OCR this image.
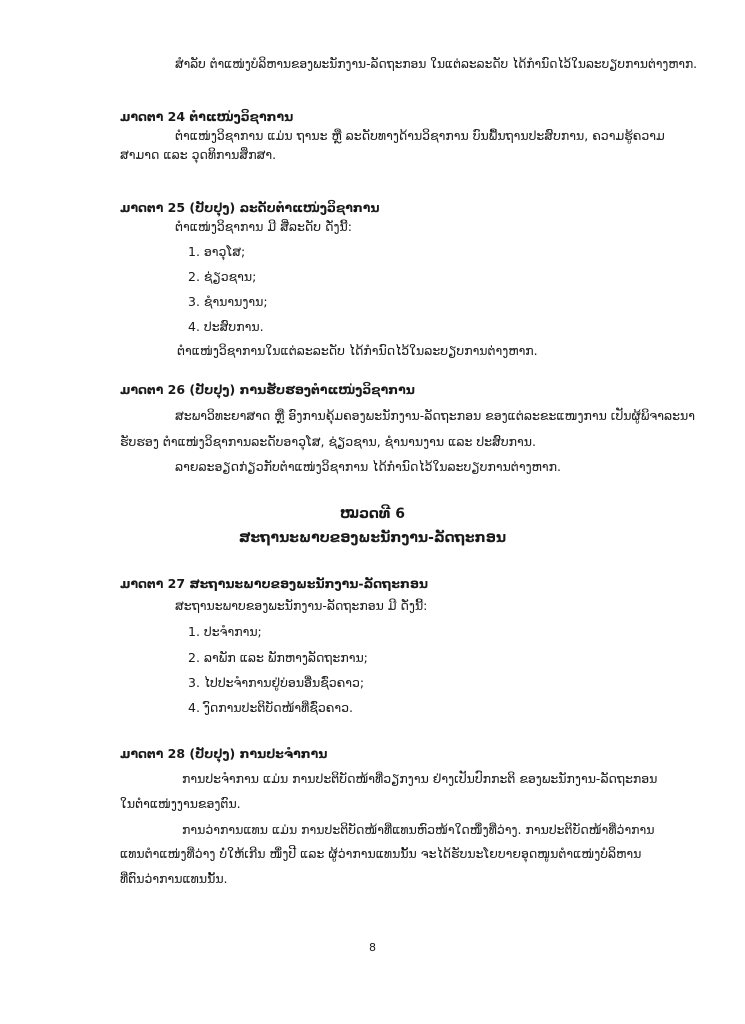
ສຳລັບ ຕຳແໜ່ງບໍລິຫານຂອງພະນັກງານ-ລັດຖະກອນ ໃນແຕ່ລະລະດັບ ໄດ້ກຳນົດໄວ້ໃນລະບຽບການຕ່າງຫາກ.
ມາດຕາ 24 ຕຳແໜ່ງວິຊາການ
ຕຳແໜ່ງວິຊາການ ແມ່ນ ຖານະ ຫຼື ລະດັບທາງດ້ານວິຊາການ ບົນພື້ນຖານປະສົບການ, ຄວາມຮູ້ຄວາມ
ສາມາດ ແລະ ວຸດທິການສຶກສາ.
ມາດຕາ 25 (ປັບປຸງ) ລະດັບຕຳແໜ່ງວິຊາການ
ຕຳແໜ່ງວິຊາການ ມີ ສີ່ລະດັບ ດັ່ງນີ້:
1. ອາວຸໂສ;
2. ຊ່ຽວຊານ;
3. ຊຳນານງານ;
4. ປະສົບການ.
ຕຳແໜ່ງວິຊາການໃນແຕ່ລະລະດັບ ໄດ້ກຳນົດໄວ້ໃນລະບຽບການຕ່າງຫາກ.
ມາດຕາ 26 (ປັບປຸງ) ການຮັບຮອງຕຳແໜ່ງວິຊາການ
ສະພາວິທະຍາສາດ ຫຼື ອົງການຄຸ້ມຄອງພະນັກງານ-ລັດຖະກອນ ຂອງແຕ່ລະຂະແໜງການ ເປັນຜູ້ພິຈາລະນາ
ຮັບຮອງ ຕຳແໜ່ງວິຊາການລະດັບອາວຸໂສ, ຊ່ຽວຊານ, ຊຳນານງານ ແລະ ປະສົບການ.
ລາຍລະອຽດກ່ຽວກັບຕຳແໜ່ງວິຊາການ ໄດ້ກຳນົດໄວ້ໃນລະບຽບການຕ່າງຫາກ.
ໝວດທີ 6
ສະຖານະພາບຂອງພະນັກງານ-ລັດຖະກອນ
ມາດຕາ 27 ສະຖານະພາບຂອງພະນັກງານ-ລັດຖະກອນ
ສະຖານະພາບຂອງພະນັກງານ-ລັດຖະກອນ ມີ ດັ່ງນີ້:
1. ປະຈຳການ;
2. ລາພັກ ແລະ ພັກຫາງລັດຖະການ;
3. ໄປປະຈຳການຢູ່ບ່ອນອື່ນຊົ່ວຄາວ;
4. ງົດການປະຕິບັດໜ້າທີ່ຊົ່ວຄາວ.
ມາດຕາ 28 (ປັບປຸງ) ການປະຈຳການ
ການປະຈຳການ ແມ່ນ ການປະຕິບັດໜ້າທີ່ວຽກງານ ຢ່າງເປັນປົກກະຕິ ຂອງພະນັກງານ-ລັດຖະກອນ
ໃນຕຳແໜ່ງງານຂອງຕົນ.
ການວ່າການແທນ ແມ່ນ ການປະຕິບັດໜ້າທີ່ແທນຫົວໜ້າໃດໜຶ່ງທີ່ວ່າງ. ການປະຕິບັດໜ້າທີ່ວ່າການ
ແທນຕຳແໜ່ງທີ່ວ່າງ ບໍ່ໃຫ້ເກີນ ໜຶ່ງປີ ແລະ ຜູ້ວ່າການແທນນັ້ນ ຈະໄດ້ຮັບນະໂຍບາຍອຸດໜູນຕຳແໜ່ງບໍລິຫານ
ທີ່ຕົນວ່າການແທນນັ້ນ.
8
